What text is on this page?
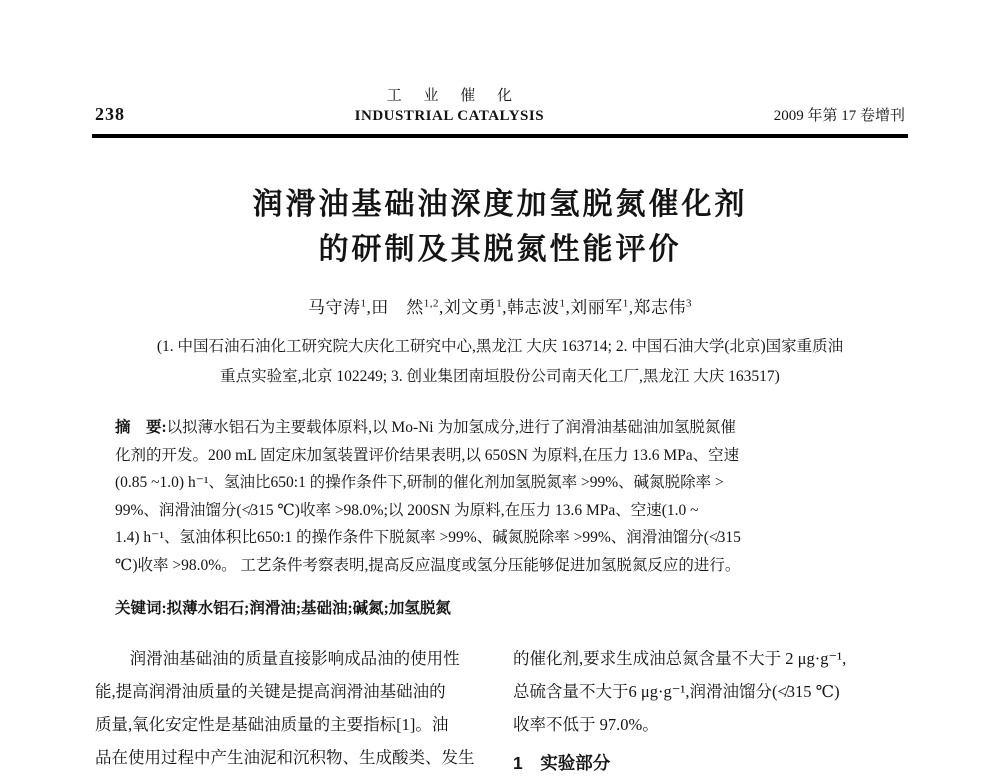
238
工 业 催 化
INDUSTRIAL CATALYSIS	2009 年第 17 卷增刊
润滑油基础油深度加氢脱氮催化剂
的研制及其脱氮性能评价
马守涛$^1$,田　然$^{1,2}$,刘文勇$^1$,韩志波$^1$,刘丽军$^1$,郑志伟$^3$
(1. 中国石油石油化工研究院大庆化工研究中心,黑龙江 大庆 163714; 2. 中国石油大学(北京)国家重质油
重点实验室,北京 102249; 3. 创业集团南垣股份公司南天化工厂,黑龙江 大庆 163517)
摘　要:以拟薄水铝石为主要载体原料,以 Mo-Ni 为加氢成分,进行了润滑油基础油加氢脱氮催
化剂的开发。200 mL 固定床加氢装置评价结果表明,以 650SN 为原料,在压力 13.6 MPa、空速
(0.85 ~1.0) h⁻¹、氢油比650:1 的操作条件下,研制的催化剂加氢脱氮率 >99%、碱氮脱除率 >
99%、润滑油馏分(≮315 ℃)收率 >98.0%;以 200SN 为原料,在压力 13.6 MPa、空速(1.0 ~
1.4) h⁻¹、氢油体积比650:1 的操作条件下脱氮率 >99%、碱氮脱除率 >99%、润滑油馏分(≮315
℃)收率 >98.0%。 工艺条件考察表明,提高反应温度或氢分压能够促进加氢脱氮反应的进行。
关键词:拟薄水铝石;润滑油;基础油;碱氮;加氢脱氮
润滑油基础油的质量直接影响成品油的使用性
能,提高润滑油质量的关键是提高润滑油基础油的
质量,氧化安定性是基础油质量的主要指标[1]。油
品在使用过程中产生油泥和沉积物、生成酸类、发生
的催化剂,要求生成油总氮含量不大于 2 μg·g⁻¹,
总硫含量不大于6 μg·g⁻¹,润滑油馏分(≮315 ℃)
收率不低于 97.0%。
1　实验部分
